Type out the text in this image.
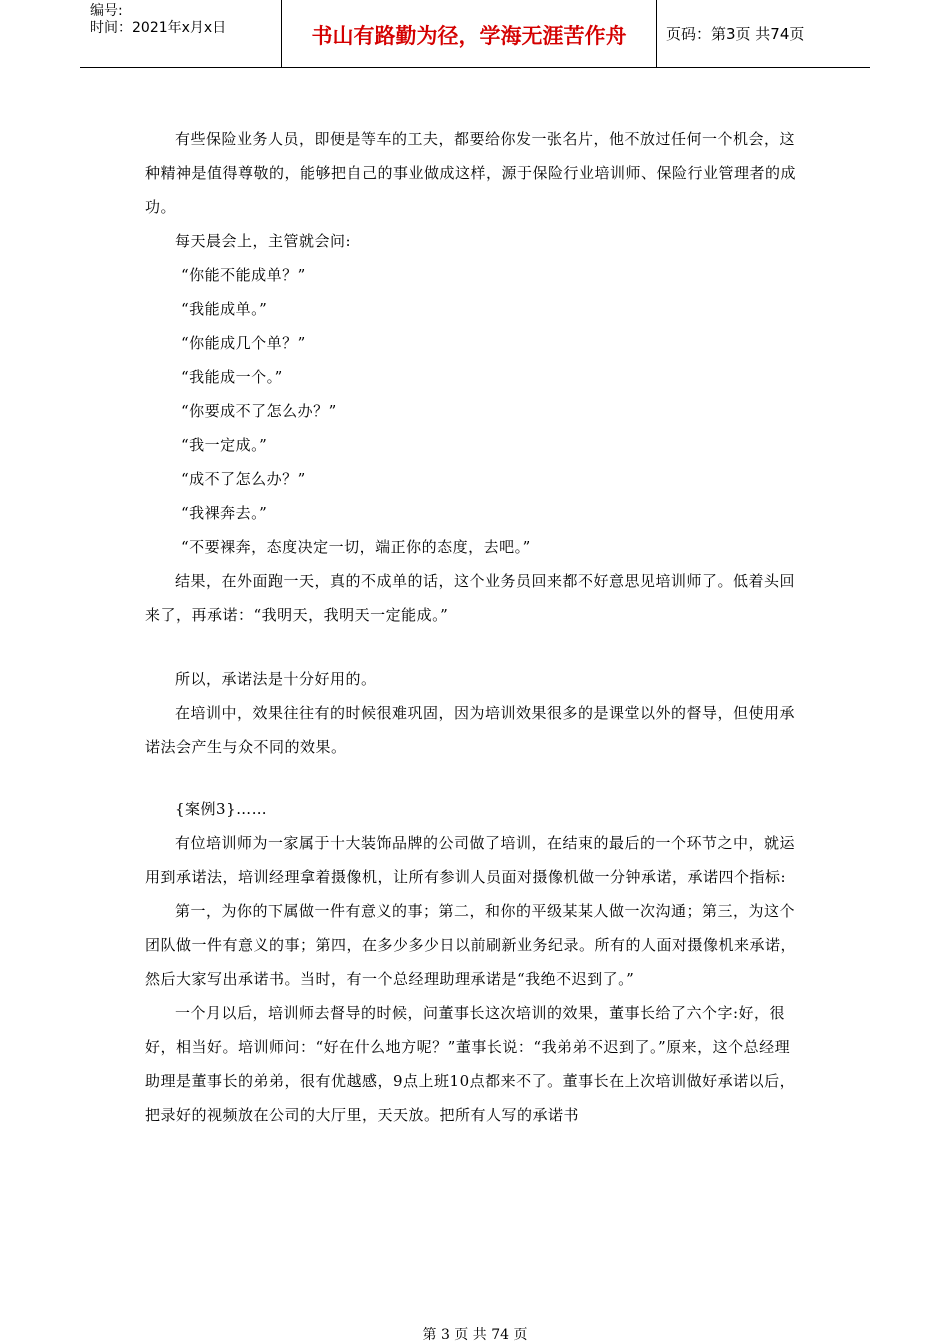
编号:
时间：2021年x月x日	书山有路勤为径，学海无涯苦作舟	页码：第3页 共74页

有些保险业务人员，即便是等车的工夫，都要给你发一张名片，他不放过任何一个机会，这种精神是值得尊敬的，能够把自己的事业做成这样，源于保险行业培训师、保险行业管理者的成功。

每天晨会上，主管就会问:

“你能不能成单？”

“我能成单。”

“你能成几个单？”

“我能成一个。”

“你要成不了怎么办？”

“我一定成。”

“成不了怎么办？”

“我裸奔去。”

“不要裸奔，态度决定一切，端正你的态度，去吧。”

结果，在外面跑一天，真的不成单的话，这个业务员回来都不好意思见培训师了。低着头回来了，再承诺：“我明天，我明天一定能成。”

所以，承诺法是十分好用的。

在培训中，效果往往有的时候很难巩固，因为培训效果很多的是课堂以外的督导，但使用承诺法会产生与众不同的效果。

{案例3}……

有位培训师为一家属于十大装饰品牌的公司做了培训，在结束的最后的一个环节之中，就运用到承诺法，培训经理拿着摄像机，让所有参训人员面对摄像机做一分钟承诺，承诺四个指标:

第一，为你的下属做一件有意义的事；第二，和你的平级某某人做一次沟通；第三，为这个团队做一件有意义的事；第四，在多少多少日以前刷新业务纪录。所有的人面对摄像机来承诺，然后大家写出承诺书。当时，有一个总经理助理承诺是“我绝不迟到了。”

一个月以后，培训师去督导的时候，问董事长这次培训的效果，董事长给了六个字:好，很好，相当好。培训师问：“好在什么地方呢？”董事长说：“我弟弟不迟到了。”原来，这个总经理助理是董事长的弟弟，很有优越感，9点上班10点都来不了。董事长在上次培训做好承诺以后，把录好的视频放在公司的大厅里，天天放。把所有人写的承诺书

第 3 页 共 74 页
